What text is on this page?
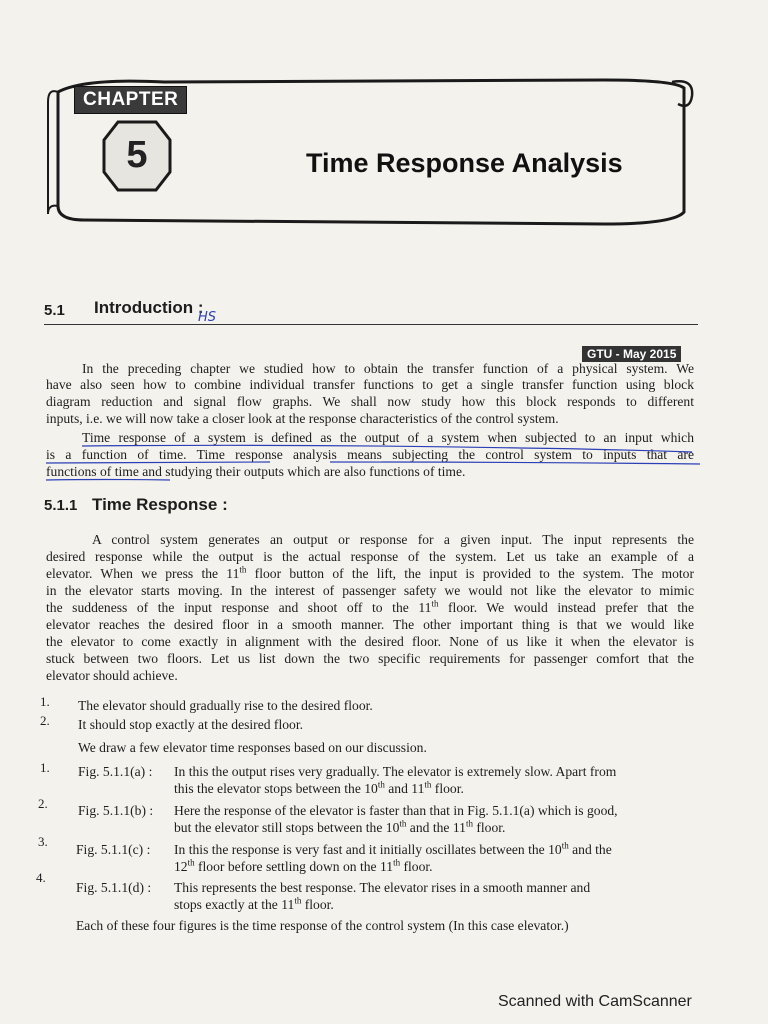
CHAPTER
5	Time Response Analysis
5.1 Introduction :
HS
GTU - May 2015
In the preceding chapter we studied how to obtain the transfer function of a physical system. We
have also seen how to combine individual transfer functions to get a single transfer function using block
diagram reduction and signal flow graphs. We shall now study how this block responds to different
inputs, i.e. we will now take a closer look at the response characteristics of the control system.
Time response of a system is defined as the output of a system when subjected to an input which
is a function of time. Time response analysis means subjecting the control system to inputs that are
functions of time and studying their outputs which are also functions of time.
5.1.1 Time Response :
A control system generates an output or response for a given input. The input represents the
desired response while the output is the actual response of the system. Let us take an example of a
elevator. When we press the 11th floor button of the lift, the input is provided to the system. The motor
in the elevator starts moving. In the interest of passenger safety we would not like the elevator to mimic
the suddeness of the input response and shoot off to the 11th floor. We would instead prefer that the
elevator reaches the desired floor in a smooth manner. The other important thing is that we would like
the elevator to come exactly in alignment with the desired floor. None of us like it when the elevator is
stuck between two floors. Let us list down the two specific requirements for passenger comfort that the
elevator should achieve.
1. The elevator should gradually rise to the desired floor.
2. It should stop exactly at the desired floor.
We draw a few elevator time responses based on our discussion.
1. Fig. 5.1.1(a) : In this the output rises very gradually. The elevator is extremely slow. Apart from
this the elevator stops between the 10th and 11th floor.
2. Fig. 5.1.1(b) : Here the response of the elevator is faster than that in Fig. 5.1.1(a) which is good,
but the elevator still stops between the 10th and the 11th floor.
3.
Fig. 5.1.1(c) : In this the response is very fast and it initially oscillates between the 10th and the
12th floor before settling down on the 11th floor.
4.
Fig. 5.1.1(d) : This represents the best response. The elevator rises in a smooth manner and
stops exactly at the 11th floor.
Each of these four figures is the time response of the control system (In this case elevator.)
Scanned with CamScanner
